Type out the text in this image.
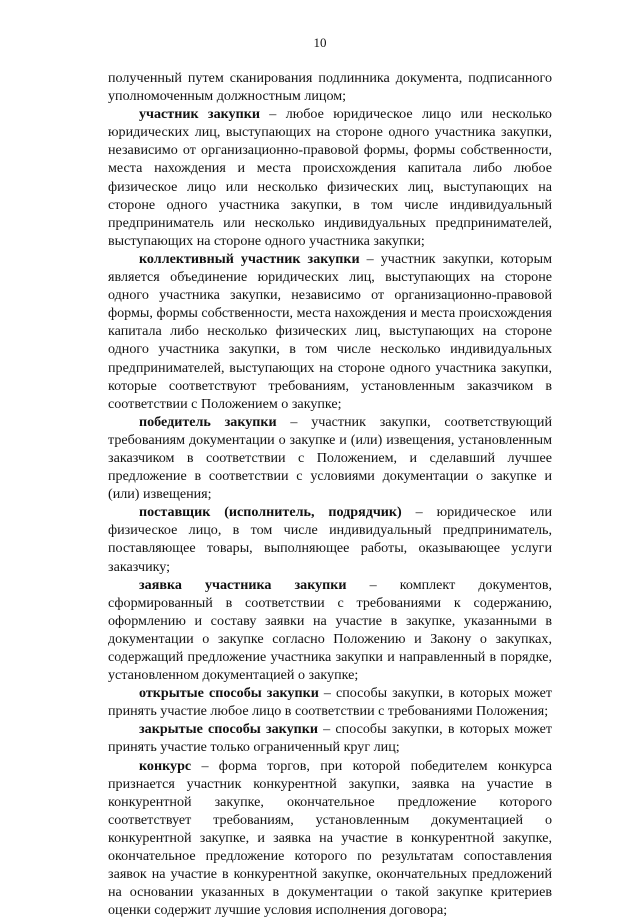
10

полученный путем сканирования подлинника документа, подписанного уполномоченным должностным лицом;

участник закупки – любое юридическое лицо или несколько юридических лиц, выступающих на стороне одного участника закупки, независимо от организационно-правовой формы, формы собственности, места нахождения и места происхождения капитала либо любое физическое лицо или несколько физических лиц, выступающих на стороне одного участника закупки, в том числе индивидуальный предприниматель или несколько индивидуальных предпринимателей, выступающих на стороне одного участника закупки;

коллективный участник закупки – участник закупки, которым является объединение юридических лиц, выступающих на стороне одного участника закупки, независимо от организационно-правовой формы, формы собственности, места нахождения и места происхождения капитала либо несколько физических лиц, выступающих на стороне одного участника закупки, в том числе несколько индивидуальных предпринимателей, выступающих на стороне одного участника закупки, которые соответствуют требованиям, установленным заказчиком в соответствии с Положением о закупке;

победитель закупки – участник закупки, соответствующий требованиям документации о закупке и (или) извещения, установленным заказчиком в соответствии с Положением, и сделавший лучшее предложение в соответствии с условиями документации о закупке и (или) извещения;

поставщик (исполнитель, подрядчик) – юридическое или физическое лицо, в том числе индивидуальный предприниматель, поставляющее товары, выполняющее работы, оказывающее услуги заказчику;

заявка участника закупки – комплект документов, сформированный в соответствии с требованиями к содержанию, оформлению и составу заявки на участие в закупке, указанными в документации о закупке согласно Положению и Закону о закупках, содержащий предложение участника закупки и направленный в порядке, установленном документацией о закупке;

открытые способы закупки – способы закупки, в которых может принять участие любое лицо в соответствии с требованиями Положения;

закрытые способы закупки – способы закупки, в которых может принять участие только ограниченный круг лиц;

конкурс – форма торгов, при которой победителем конкурса признается участник конкурентной закупки, заявка на участие в конкурентной закупке, окончательное предложение которого соответствует требованиям, установленным документацией о конкурентной закупке, и заявка на участие в конкурентной закупке, окончательное предложение которого по результатам сопоставления заявок на участие в конкурентной закупке, окончательных предложений на основании указанных в документации о такой закупке критериев оценки содержит лучшие условия исполнения договора;
